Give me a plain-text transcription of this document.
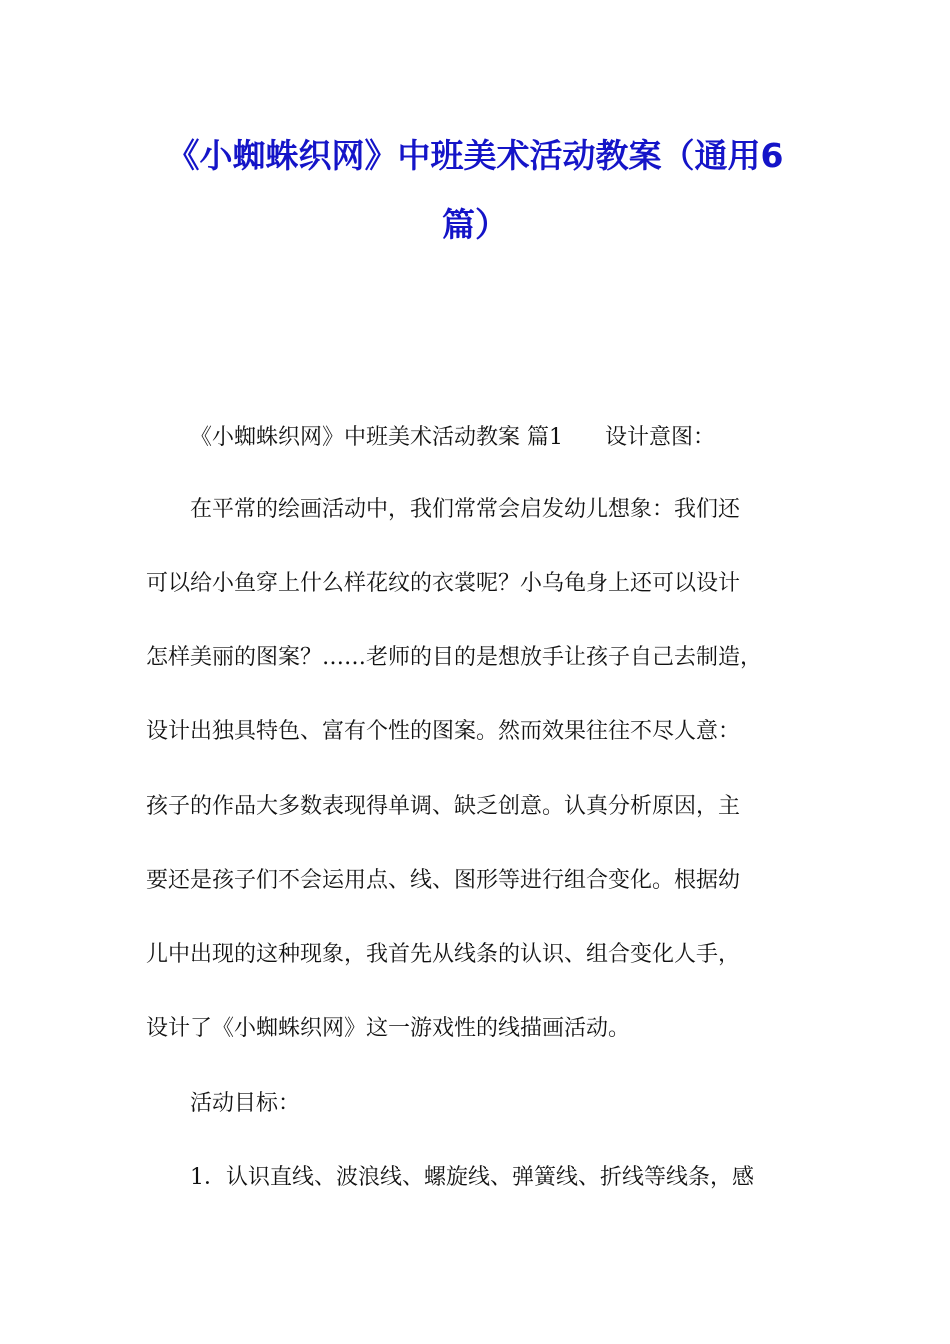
《小蜘蛛织网》中班美术活动教案（通用6
篇）

《小蜘蛛织网》中班美术活动教案 篇1 设计意图：

在平常的绘画活动中，我们常常会启发幼儿想象：我们还

可以给小鱼穿上什么样花纹的衣裳呢？小乌龟身上还可以设计

怎样美丽的图案？……老师的目的是想放手让孩子自己去制造，

设计出独具特色、富有个性的图案。然而效果往往不尽人意：

孩子的作品大多数表现得单调、缺乏创意。认真分析原因，主

要还是孩子们不会运用点、线、图形等进行组合变化。根据幼

儿中出现的这种现象，我首先从线条的认识、组合变化人手，

设计了《小蜘蛛织网》这一游戏性的线描画活动。

活动目标：

1．认识直线、波浪线、螺旋线、弹簧线、折线等线条，感
